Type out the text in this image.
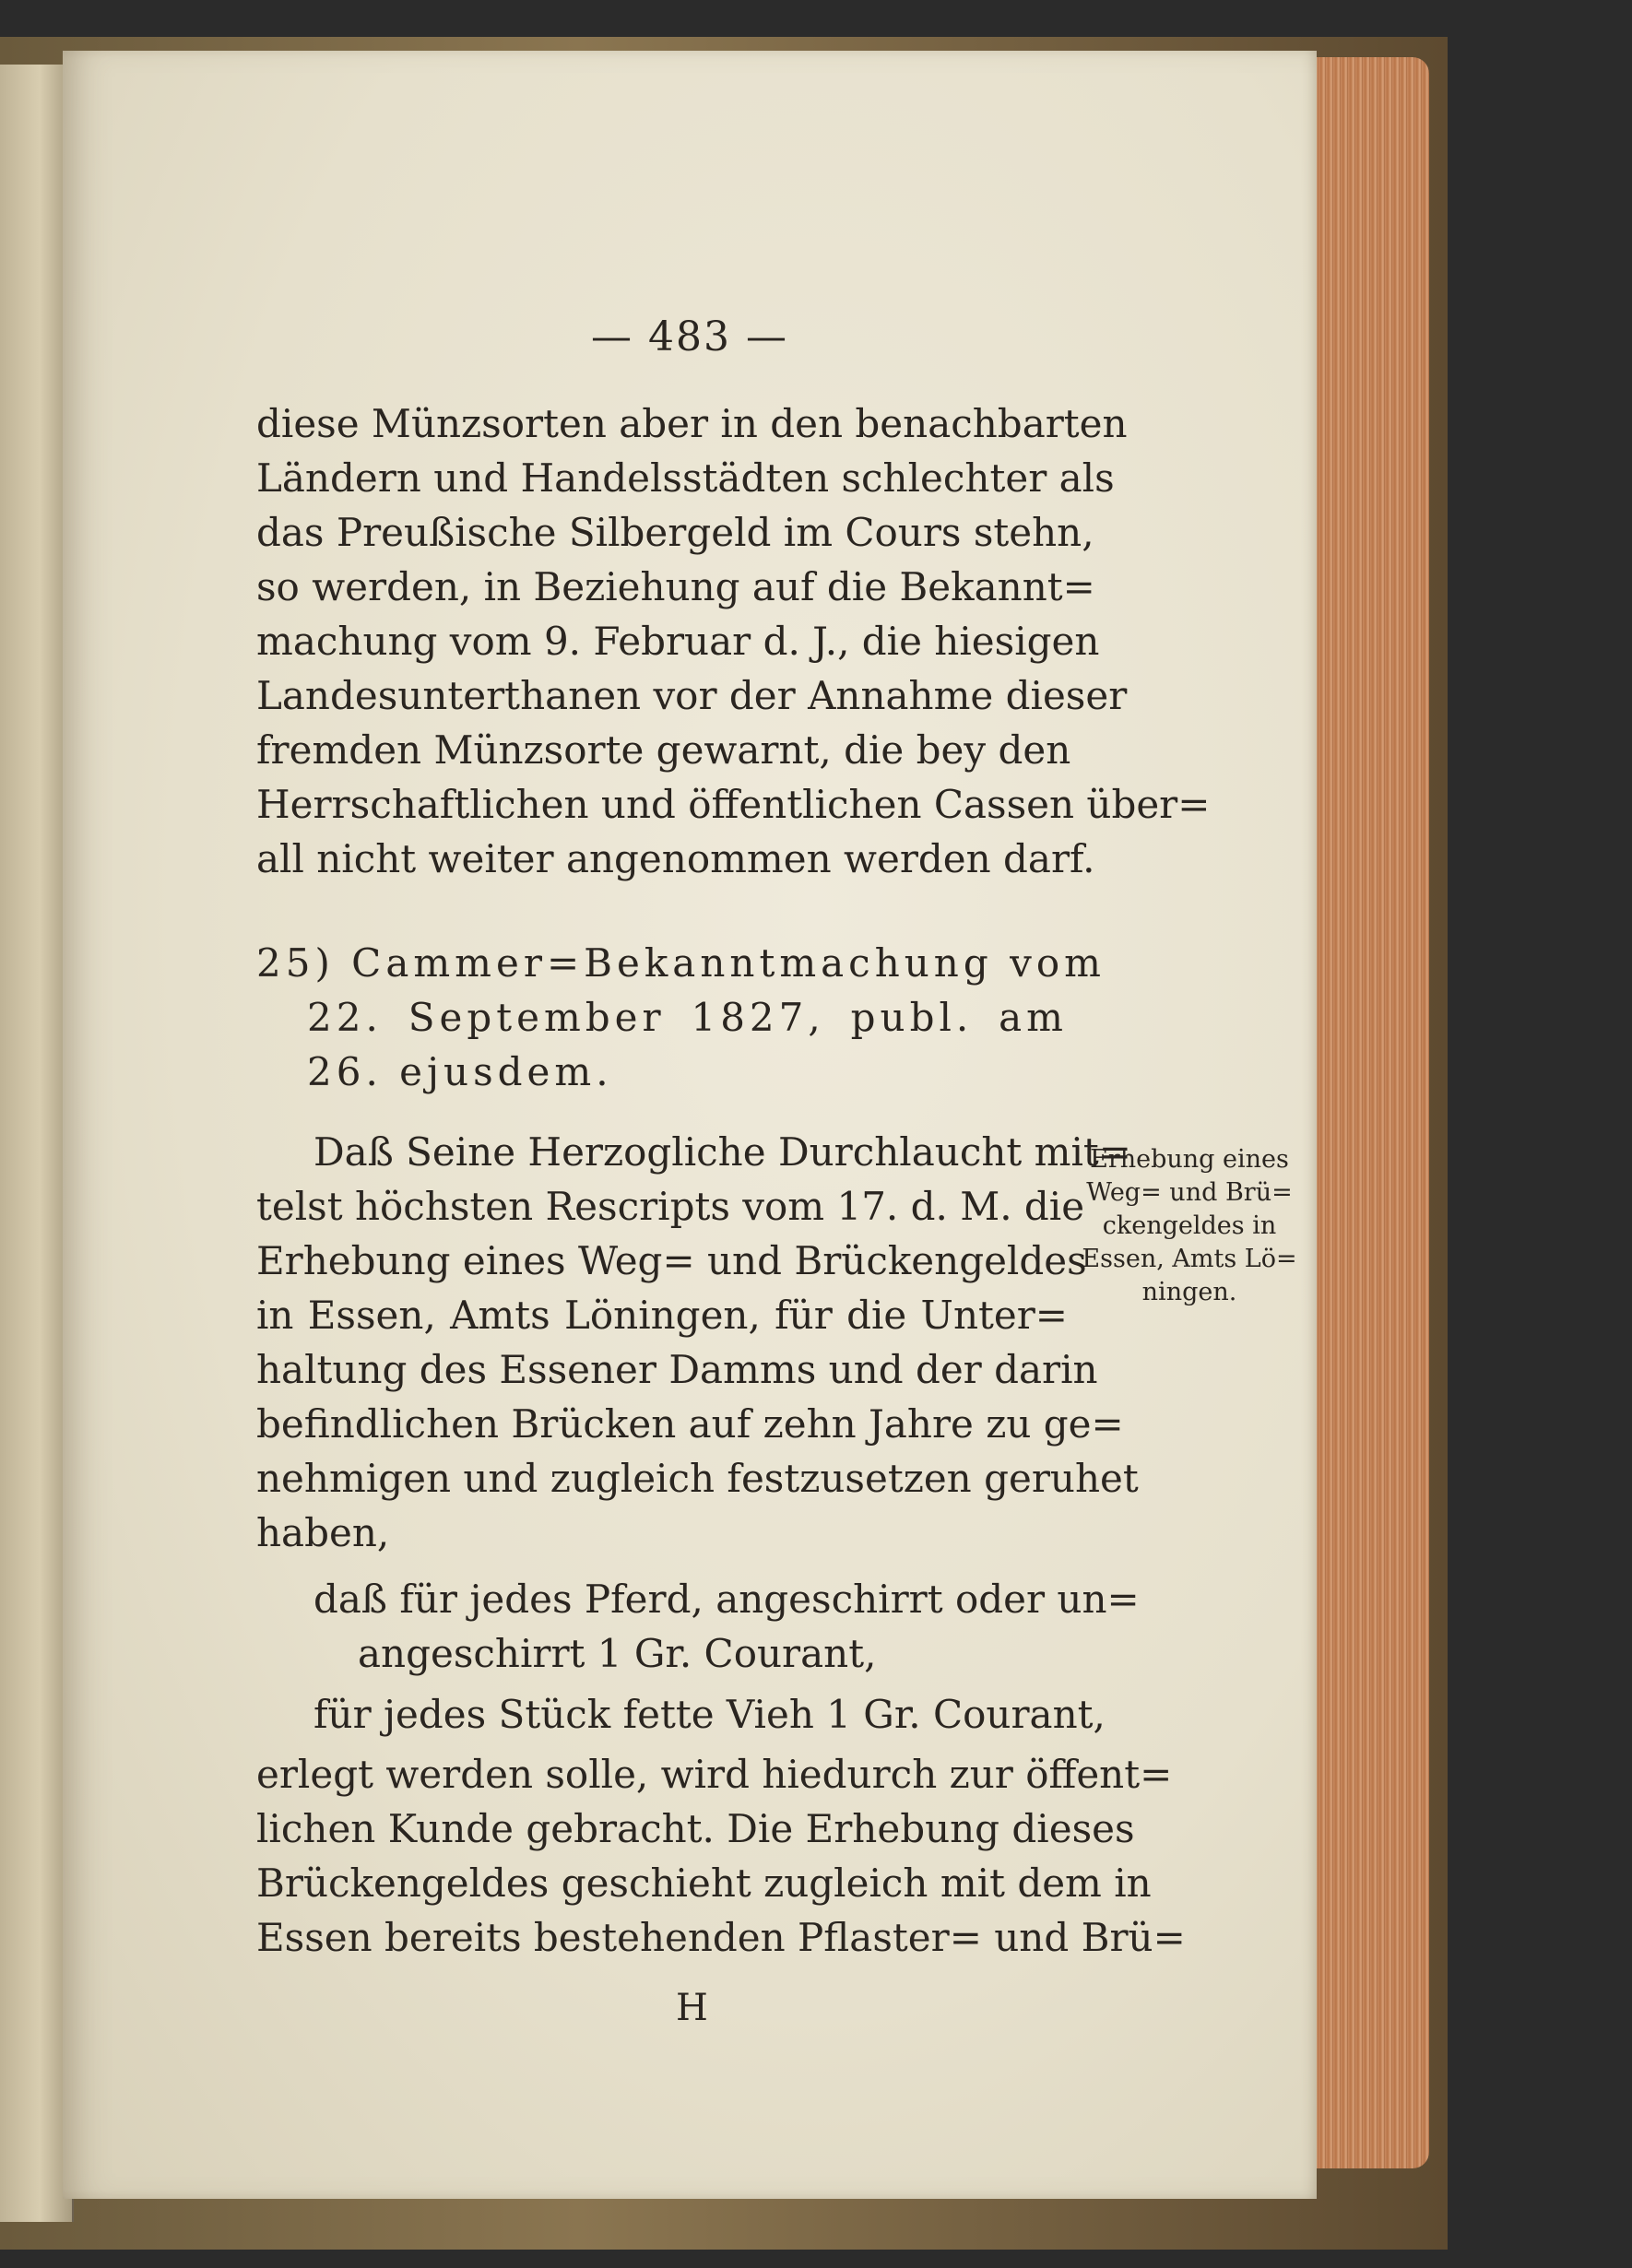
— 483 —
diese Münzsorten aber in den benachbarten
Ländern und Handelsstädten schlechter als
das Preußische Silbergeld im Cours stehn,
so werden, in Beziehung auf die Bekannt=
machung vom 9. Februar d. J., die hiesigen
Landesunterthanen vor der Annahme dieser
fremden Münzsorte gewarnt, die bey den
Herrschaftlichen und öffentlichen Cassen über=
all nicht weiter angenommen werden darf.
25) Cammer=Bekanntmachung vom
22. September 1827, publ. am
26. ejusdem.
Daß Seine Herzogliche Durchlaucht mit=
telst höchsten Rescripts vom 17. d. M. die
Erhebung eines Weg= und Brückengeldes
in Essen, Amts Löningen, für die Unter=
haltung des Essener Damms und der darin
befindlichen Brücken auf zehn Jahre zu ge=
nehmigen und zugleich festzusetzen geruhet
haben,
daß für jedes Pferd, angeschirrt oder un=
angeschirrt 1 Gr. Courant,
für jedes Stück fette Vieh 1 Gr. Courant,
erlegt werden solle, wird hiedurch zur öffent=
lichen Kunde gebracht. Die Erhebung dieses
Brückengeldes geschieht zugleich mit dem in
Essen bereits bestehenden Pflaster= und Brü=
Erhebung eines
Weg= und Brü=
ckengeldes in
Essen, Amts Lö=
ningen.
H
